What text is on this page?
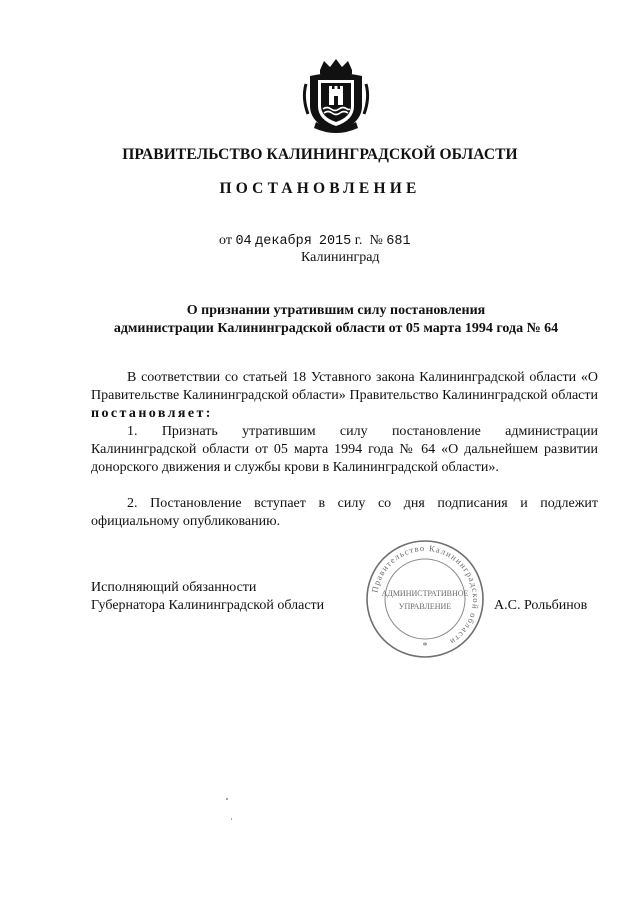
ПРАВИТЕЛЬСТВО КАЛИНИНГРАДСКОЙ ОБЛАСТИ
ПОСТАНОВЛЕНИЕ
от 04 декабря 2015 г. № 681
Калининград
О признании утратившим силу постановления
администрации Калининградской области от 05 марта 1994 года № 64
В соответствии со статьей 18 Уставного закона Калининградской области «О Правительстве Калининградской области» Правительство Калининградской области постановляет:
1. Признать утратившим силу постановление администрации Калининградской области от 05 марта 1994 года № 64 «О дальнейшем развитии донорского движения и службы крови в Калининградской области».
2. Постановление вступает в силу со дня подписания и подлежит официальному опубликованию.
Исполняющий обязанности
Губернатора Калининградской области	А.С. Рольбинов
Правительство Калининградской области
АДМИНИСТРАТИВНОЕ
УПРАВЛЕНИЕ
*
